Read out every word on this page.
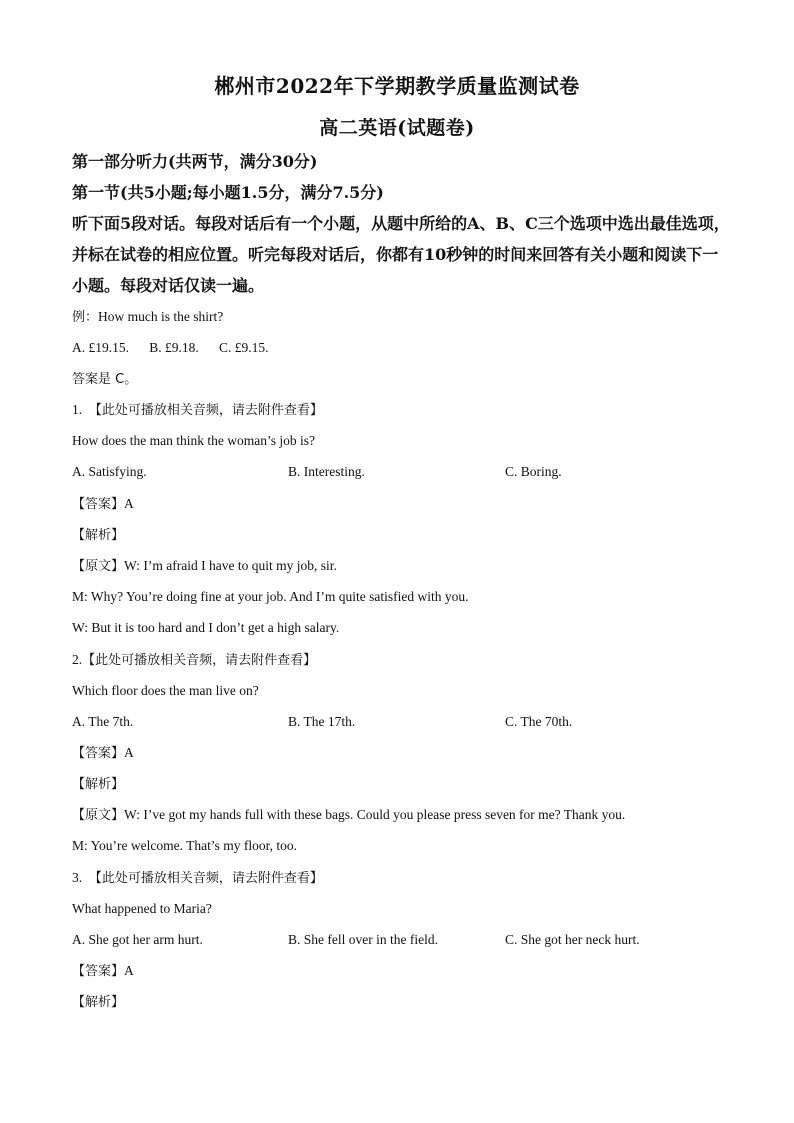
郴州市2022年下学期教学质量监测试卷
高二英语(试题卷)
第一部分听力(共两节，满分30分)
第一节(共5小题;每小题1.5分，满分7.5分)
听下面5段对话。每段对话后有一个小题，从题中所给的A、B、C三个选项中选出最佳选项，
并标在试卷的相应位置。听完每段对话后，你都有10秒钟的时间来回答有关小题和阅读下一
小题。每段对话仅读一遍。
例：How much is the shirt?
A. £19.15.      B. £9.18.      C. £9.15.
答案是 C。
1. 【此处可播放相关音频，请去附件查看】
How does the man think the woman’s job is?
A. Satisfying.	B. Interesting.	C. Boring.
【答案】A
【解析】
【原文】W: I’m afraid I have to quit my job, sir.
M: Why? You’re doing fine at your job. And I’m quite satisfied with you.
W: But it is too hard and I don’t get a high salary.
2.【此处可播放相关音频，请去附件查看】
Which floor does the man live on?
A. The 7th.	B. The 17th.	C. The 70th.
【答案】A
【解析】
【原文】W: I’ve got my hands full with these bags. Could you please press seven for me? Thank you.
M: You’re welcome. That’s my floor, too.
3. 【此处可播放相关音频，请去附件查看】
What happened to Maria?
A. She got her arm hurt.	B. She fell over in the field.	C. She got her neck hurt.
【答案】A
【解析】
